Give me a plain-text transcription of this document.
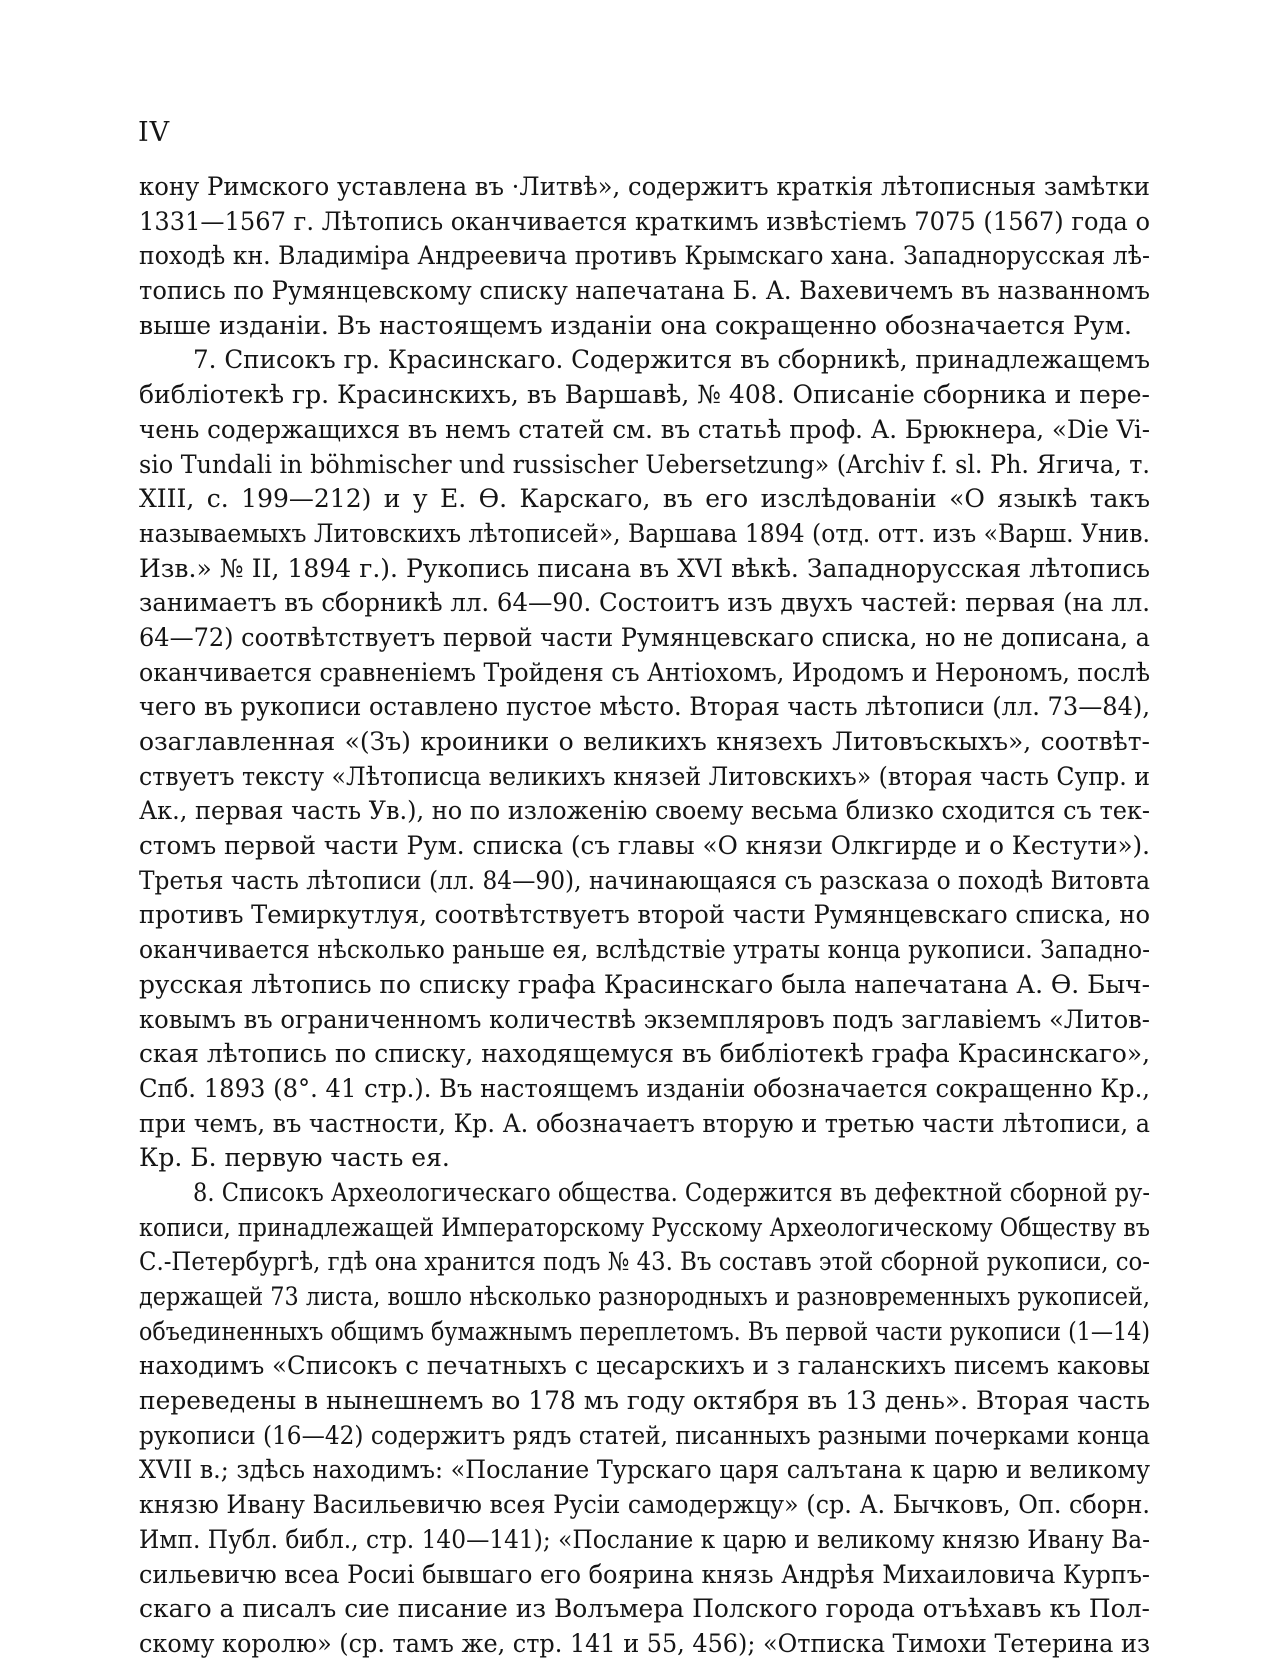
IV
кону Римского уставлена въ ·Литвѣ», содержитъ краткія лѣтописныя замѣтки
1331—1567 г. Лѣтопись оканчивается краткимъ извѣстіемъ 7075 (1567) года о
походѣ кн. Владиміра Андреевича противъ Крымскаго хана. Западнорусская лѣ-
топись по Румянцевскому списку напечатана Б. А. Вахевичемъ въ названномъ
выше изданіи. Въ настоящемъ изданіи она сокращенно обозначается Рум.
7. Списокъ гр. Красинскаго. Содержится въ сборникѣ, принадлежащемъ
библіотекѣ гр. Красинскихъ, въ Варшавѣ, № 408. Описаніе сборника и пере-
чень содержащихся въ немъ статей см. въ статьѣ проф. А. Брюкнера, «Die Vi-
sio Tundali in böhmischer und russischer Uebersetzung» (Archiv f. sl. Ph. Ягича, т.
XIII, с. 199—212) и у Е. Ѳ. Карскаго, въ его изслѣдованіи «О языкѣ такъ
называемыхъ Литовскихъ лѣтописей», Варшава 1894 (отд. отт. изъ «Варш. Унив.
Изв.» № II, 1894 г.). Рукопись писана въ XVI вѣкѣ. Западнорусская лѣтопись
занимаетъ въ сборникѣ лл. 64—90. Состоитъ изъ двухъ частей: первая (на лл.
64—72) соотвѣтствуетъ первой части Румянцевскаго списка, но не дописана, а
оканчивается сравненіемъ Тройденя съ Антіохомъ, Иродомъ и Нерономъ, послѣ
чего въ рукописи оставлено пустое мѣсто. Вторая часть лѣтописи (лл. 73—84),
озаглавленная «(Зъ) кроиники о великихъ князехъ Литовъскыхъ», соотвѣт-
ствуетъ тексту «Лѣтописца великихъ князей Литовскихъ» (вторая часть Супр. и
Ак., первая часть Ув.), но по изложенію своему весьма близко сходится съ тек-
стомъ первой части Рум. списка (съ главы «О князи Олкгирде и о Кестути»).
Третья часть лѣтописи (лл. 84—90), начинающаяся съ разсказа о походѣ Витовта
противъ Темиркутлуя, соотвѣтствуетъ второй части Румянцевскаго списка, но
оканчивается нѣсколько раньше ея, вслѣдствіе утраты конца рукописи. Западно-
русская лѣтопись по списку графа Красинскаго была напечатана А. Ѳ. Быч-
ковымъ въ ограниченномъ количествѣ экземпляровъ подъ заглавіемъ «Литов-
ская лѣтопись по списку, находящемуся въ библіотекѣ графа Красинскаго»,
Спб. 1893 (8°. 41 стр.). Въ настоящемъ изданіи обозначается сокращенно Кр.,
при чемъ, въ частности, Кр. А. обозначаетъ вторую и третью части лѣтописи, а
Кр. Б. первую часть ея.
8. Списокъ Археологическаго общества. Содержится въ дефектной сборной ру-
кописи, принадлежащей Императорскому Русскому Археологическому Обществу въ
С.-Петербургѣ, гдѣ она хранится подъ № 43. Въ составъ этой сборной рукописи, со-
держащей 73 листа, вошло нѣсколько разнородныхъ и разновременныхъ рукописей,
объединенныхъ общимъ бумажнымъ переплетомъ. Въ первой части рукописи (1—14)
находимъ «Списокъ с печатныхъ с цесарскихъ и з галанскихъ писемъ каковы
переведены в нынешнемъ во 178 мъ году октября въ 13 день». Вторая часть
рукописи (16—42) содержитъ рядъ статей, писанныхъ разными почерками конца
XVII в.; здѣсь находимъ: «Послание Турскаго царя салътана к царю и великому
князю Ивану Васильевичю всея Русіи самодержцу» (ср. А. Бычковъ, Оп. сборн.
Имп. Публ. библ., стр. 140—141); «Послание к царю и великому князю Ивану Ва-
сильевичю всеа Росиі бывшаго его боярина князь Андрѣя Михаиловича Курпъ-
скаго а писалъ сие писание из Волъмера Полского города отъѣхавъ къ Пол-
скому королю» (ср. тамъ же, стр. 141 и 55, 456); «Отписка Тимохи Тетерина из
